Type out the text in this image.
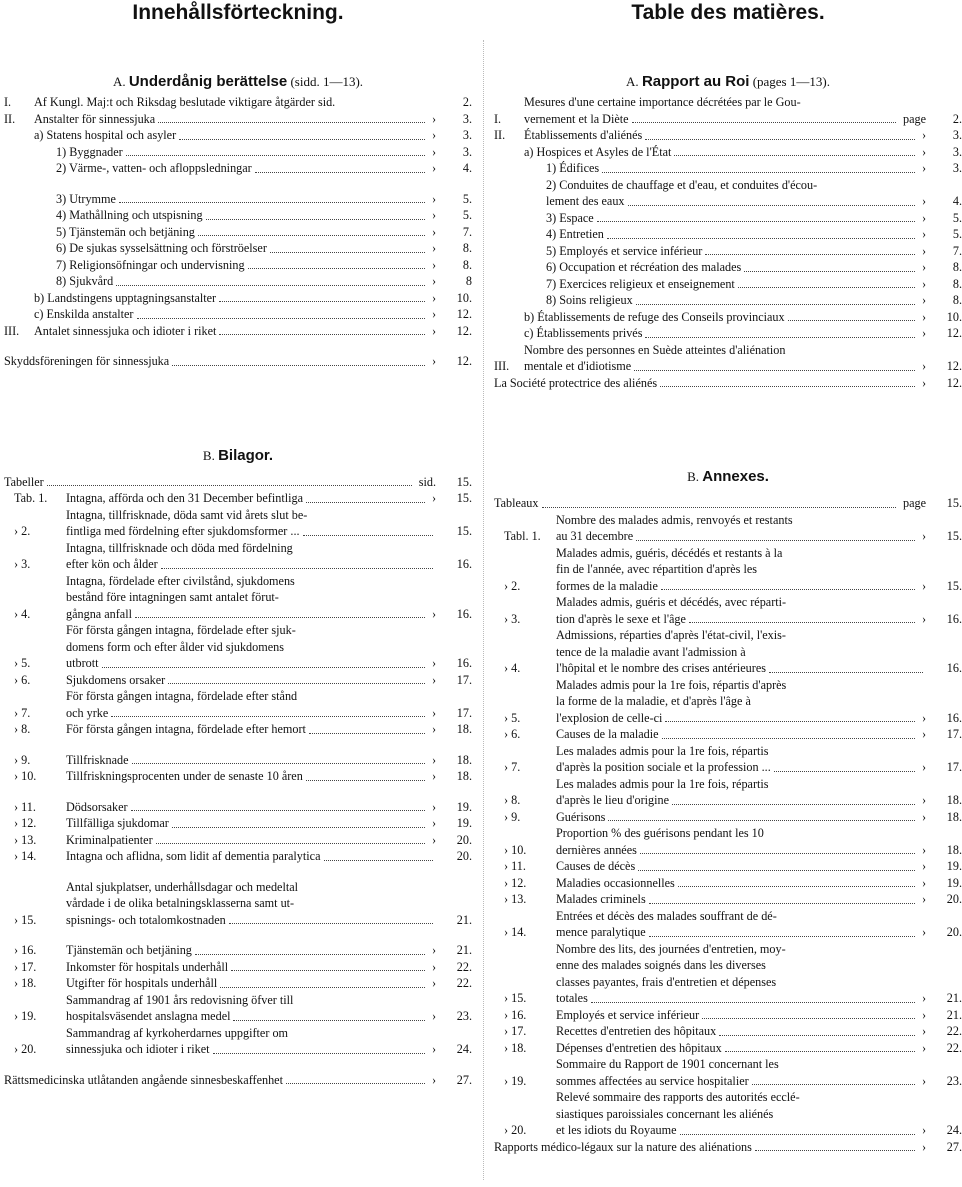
Innehållsförteckning.
A. Underdånig berättelse (sidd. 1—13).
I.	Af Kungl. Maj:t och Riksdag beslutade viktigare åtgärder sid.	2.
II.	Anstalter för sinnessjuka	›	3.
a) Statens hospital och asyler	›	3.
1) Byggnader	›	3.
2) Värme-, vatten- och afloppsledningar	›	4.
3) Utrymme	›	5.
4) Mathållning och utspisning	›	5.
5) Tjänstemän och betjäning	›	7.
6) De sjukas sysselsättning och förströelser	›	8.
7) Religionsöfningar och undervisning	›	8.
8) Sjukvård	›	8
b) Landstingens upptagningsanstalter	›	10.
c) Enskilda anstalter	›	12.
III.	Antalet sinnessjuka och idioter i riket	›	12.
Skyddsföreningen för sinnessjuka	›	12.
B. Bilagor.
Tabeller	sid.	15.
Tab. 1.	Intagna, afförda och den 31 December befintliga	›	15.
› 2.
Intagna, tillfrisknade, döda samt vid årets slut be-
fintliga med fördelning efter sjukdomsformer ...	15.
› 3.
Intagna, tillfrisknade och döda med fördelning
efter kön och ålder	16.
› 4.
Intagna, fördelade efter civilstånd, sjukdomens
bestånd före intagningen samt antalet förut-
gångna anfall	›	16.
› 5.
För första gången intagna, fördelade efter sjuk-
domens form och efter ålder vid sjukdomens
utbrott	›	16.
› 6.	Sjukdomens orsaker	›	17.
› 7.
För första gången intagna, fördelade efter stånd
och yrke	›	17.
› 8.	För första gången intagna, fördelade efter hemort	›	18.
› 9.	Tillfrisknade	›	18.
› 10.	Tillfriskningsprocenten under de senaste 10 åren	›	18.
› 11.	Dödsorsaker	›	19.
› 12.	Tillfälliga sjukdomar	›	19.
› 13.	Kriminalpatienter	›	20.
› 14.	Intagna och aflidna, som lidit af dementia paralytica	20.
› 15.
Antal sjukplatser, underhållsdagar och medeltal
vårdade i de olika betalningsklasserna samt ut-
spisnings- och totalomkostnaden	21.
› 16.	Tjänstemän och betjäning	›	21.
› 17.	Inkomster för hospitals underhåll	›	22.
› 18.	Utgifter för hospitals underhåll	›	22.
› 19.
Sammandrag af 1901 års redovisning öfver till
hospitalsväsendet anslagna medel	›	23.
› 20.
Sammandrag af kyrkoherdarnes uppgifter om
sinnessjuka och idioter i riket	›	24.
Rättsmedicinska utlåtanden angående sinnesbeskaffenhet	›	27.
Table des matières.
A. Rapport au Roi (pages 1—13).
I.
Mesures d'une certaine importance décrétées par le Gou-
vernement et la Diète	page	2.
II.	Établissements d'aliénés	›	3.
a) Hospices et Asyles de l'État	›	3.
1) Édifices	›	3.
2) Conduites de chauffage et d'eau, et conduites d'écou-
lement des eaux	›	4.
3) Espace	›	5.
4) Entretien	›	5.
5) Employés et service inférieur	›	7.
6) Occupation et récréation des malades	›	8.
7) Exercices religieux et enseignement	›	8.
8) Soins religieux	›	8.
b) Établissements de refuge des Conseils provinciaux	›	10.
c) Établissements privés	›	12.
III.
Nombre des personnes en Suède atteintes d'aliénation
mentale et d'idiotisme	›	12.
La Société protectrice des aliénés	›	12.
B. Annexes.
Tableaux	page	15.
Tabl. 1.
Nombre des malades admis, renvoyés et restants
au 31 decembre	›	15.
› 2.
Malades admis, guéris, décédés et restants à la
fin de l'année, avec répartition d'après les
formes de la maladie	›	15.
› 3.
Malades admis, guéris et décédés, avec réparti-
tion d'après le sexe et l'âge	›	16.
› 4.
Admissions, réparties d'après l'état-civil, l'exis-
tence de la maladie avant l'admission à
l'hôpital et le nombre des crises antérieures	16.
› 5.
Malades admis pour la 1re fois, répartis d'après
la forme de la maladie, et d'après l'âge à
l'explosion de celle-ci	›	16.
› 6.	Causes de la maladie	›	17.
› 7.
Les malades admis pour la 1re fois, répartis
d'après la position sociale et la profession ...	›	17.
› 8.
Les malades admis pour la 1re fois, répartis
d'après le lieu d'origine	›	18.
› 9.	Guérisons	›	18.
› 10.
Proportion % des guérisons pendant les 10
dernières années	›	18.
› 11.	Causes de décès	›	19.
› 12.	Maladies occasionnelles	›	19.
› 13.	Malades criminels	›	20.
› 14.
Entrées et décès des malades souffrant de dé-
mence paralytique	›	20.
› 15.
Nombre des lits, des journées d'entretien, moy-
enne des malades soignés dans les diverses
classes payantes, frais d'entretien et dépenses
totales	›	21.
› 16.	Employés et service inférieur	›	21.
› 17.	Recettes d'entretien des hôpitaux	›	22.
› 18.	Dépenses d'entretien des hôpitaux	›	22.
› 19.
Sommaire du Rapport de 1901 concernant les
sommes affectées au service hospitalier	›	23.
› 20.
Relevé sommaire des rapports des autorités ecclé-
siastiques paroissiales concernant les aliénés
et les idiots du Royaume	›	24.
Rapports médico-légaux sur la nature des aliénations	›	27.
